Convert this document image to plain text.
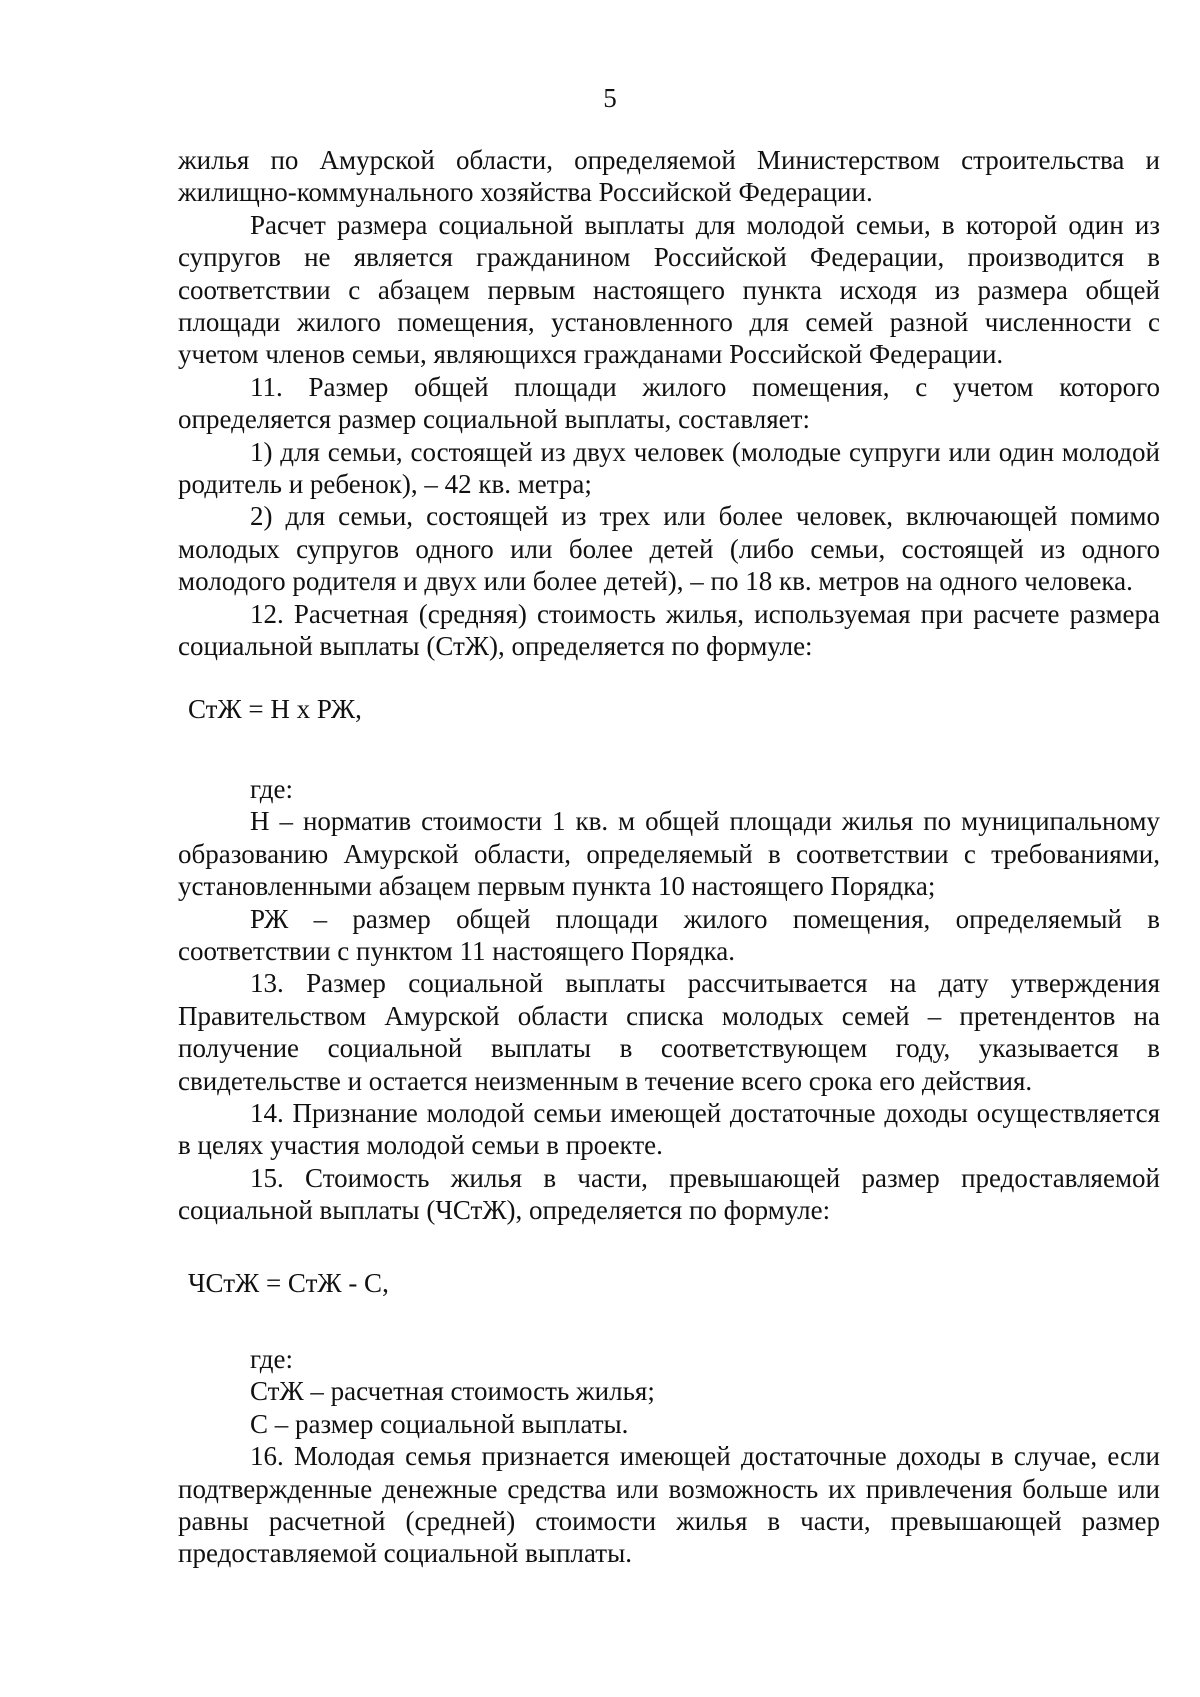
5

жилья по Амурской области, определяемой Министерством строительства и жилищно-коммунального хозяйства Российской Федерации.

Расчет размера социальной выплаты для молодой семьи, в которой один из супругов не является гражданином Российской Федерации, производится в соответствии с абзацем первым настоящего пункта исходя из размера общей площади жилого помещения, установленного для семей разной численности с учетом членов семьи, являющихся гражданами Российской Федерации.

11. Размер общей площади жилого помещения, с учетом которого определяется размер социальной выплаты, составляет:

1) для семьи, состоящей из двух человек (молодые супруги или один молодой родитель и ребенок), – 42 кв. метра;

2) для семьи, состоящей из трех или более человек, включающей помимо молодых супругов одного или более детей (либо семьи, состоящей из одного молодого родителя и двух или более детей), – по 18 кв. метров на одного человека.

12. Расчетная (средняя) стоимость жилья, используемая при расчете размера социальной выплаты (СтЖ), определяется по формуле:

СтЖ = Н х РЖ,

где:

Н – норматив стоимости 1 кв. м общей площади жилья по муниципальному образованию Амурской области, определяемый в соответствии с требованиями, установленными абзацем первым пункта 10 настоящего Порядка;

РЖ – размер общей площади жилого помещения, определяемый в соответствии с пунктом 11 настоящего Порядка.

13. Размер социальной выплаты рассчитывается на дату утверждения Правительством Амурской области списка молодых семей – претендентов на получение социальной выплаты в соответствующем году, указывается в свидетельстве и остается неизменным в течение всего срока его действия.

14. Признание молодой семьи имеющей достаточные доходы осуществляется в целях участия молодой семьи в проекте.

15. Стоимость жилья в части, превышающей размер предоставляемой социальной выплаты (ЧСтЖ), определяется по формуле:

ЧСтЖ = СтЖ - С,

где:

СтЖ – расчетная стоимость жилья;

С – размер социальной выплаты.

16. Молодая семья признается имеющей достаточные доходы в случае, если подтвержденные денежные средства или возможность их привлечения больше или равны расчетной (средней) стоимости жилья в части, превышающей размер предоставляемой социальной выплаты.
